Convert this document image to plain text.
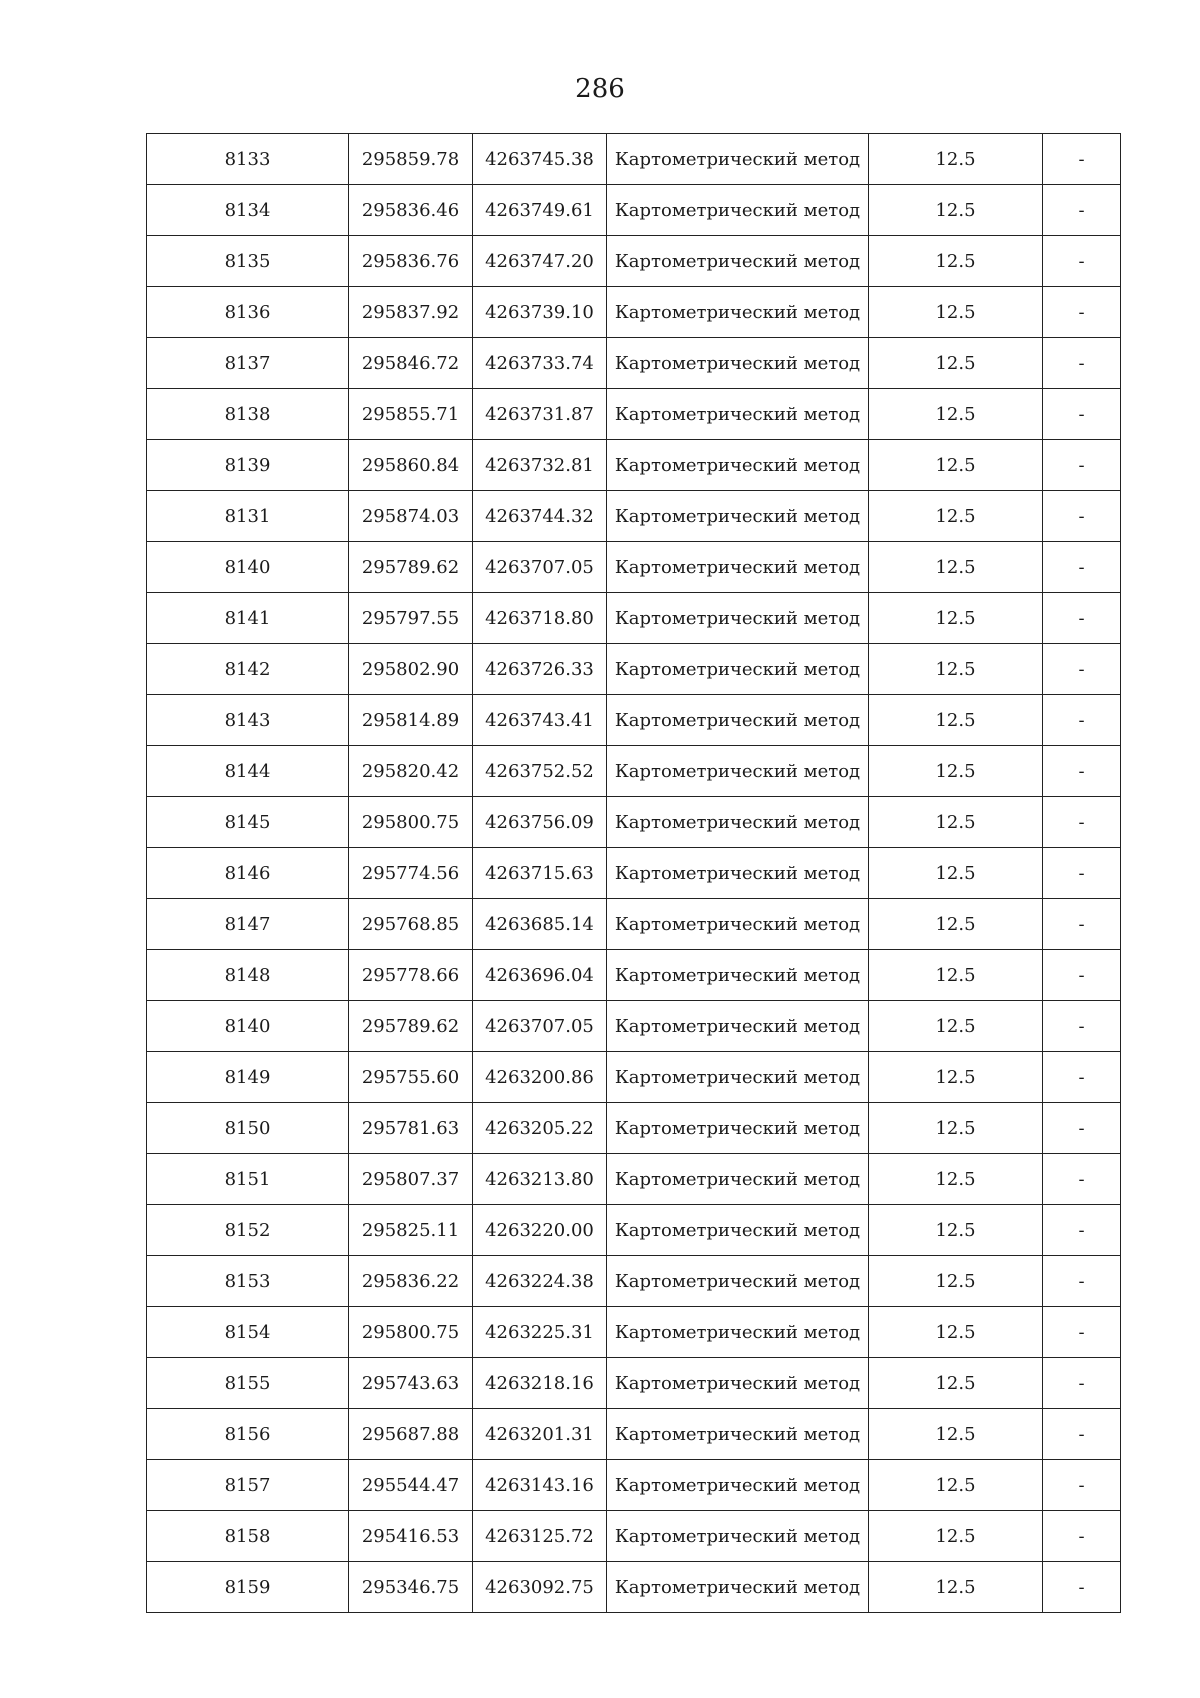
286
8133	295859.78	4263745.38	Картометрический метод	12.5	-
8134	295836.46	4263749.61	Картометрический метод	12.5	-
8135	295836.76	4263747.20	Картометрический метод	12.5	-
8136	295837.92	4263739.10	Картометрический метод	12.5	-
8137	295846.72	4263733.74	Картометрический метод	12.5	-
8138	295855.71	4263731.87	Картометрический метод	12.5	-
8139	295860.84	4263732.81	Картометрический метод	12.5	-
8131	295874.03	4263744.32	Картометрический метод	12.5	-
8140	295789.62	4263707.05	Картометрический метод	12.5	-
8141	295797.55	4263718.80	Картометрический метод	12.5	-
8142	295802.90	4263726.33	Картометрический метод	12.5	-
8143	295814.89	4263743.41	Картометрический метод	12.5	-
8144	295820.42	4263752.52	Картометрический метод	12.5	-
8145	295800.75	4263756.09	Картометрический метод	12.5	-
8146	295774.56	4263715.63	Картометрический метод	12.5	-
8147	295768.85	4263685.14	Картометрический метод	12.5	-
8148	295778.66	4263696.04	Картометрический метод	12.5	-
8140	295789.62	4263707.05	Картометрический метод	12.5	-
8149	295755.60	4263200.86	Картометрический метод	12.5	-
8150	295781.63	4263205.22	Картометрический метод	12.5	-
8151	295807.37	4263213.80	Картометрический метод	12.5	-
8152	295825.11	4263220.00	Картометрический метод	12.5	-
8153	295836.22	4263224.38	Картометрический метод	12.5	-
8154	295800.75	4263225.31	Картометрический метод	12.5	-
8155	295743.63	4263218.16	Картометрический метод	12.5	-
8156	295687.88	4263201.31	Картометрический метод	12.5	-
8157	295544.47	4263143.16	Картометрический метод	12.5	-
8158	295416.53	4263125.72	Картометрический метод	12.5	-
8159	295346.75	4263092.75	Картометрический метод	12.5	-
